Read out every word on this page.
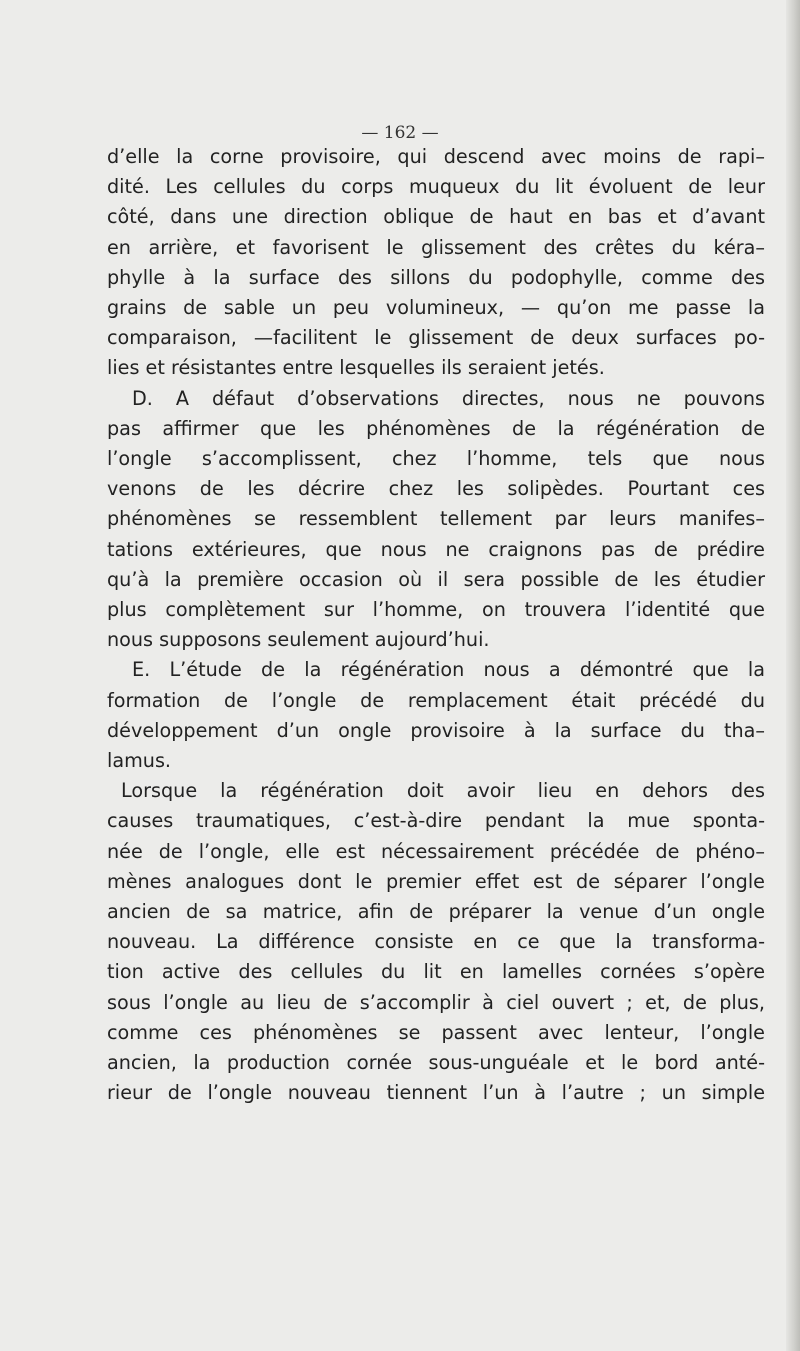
— 162 —
d’elle la corne provisoire, qui descend avec moins de rapi–
dité. Les cellules du corps muqueux du lit évoluent de leur
côté, dans une direction oblique de haut en bas et d’avant
en arrière, et favorisent le glissement des crêtes du kéra–
phylle à la surface des sillons du podophylle, comme des
grains de sable un peu volumineux, — qu’on me passe la
comparaison, —facilitent le glissement de deux surfaces po-
lies et résistantes entre lesquelles ils seraient jetés.
D. A défaut d’observations directes, nous ne pouvons
pas affirmer que les phénomènes de la régénération de
l’ongle s’accomplissent, chez l’homme, tels que nous
venons de les décrire chez les solipèdes. Pourtant ces
phénomènes se ressemblent tellement par leurs manifes–
tations extérieures, que nous ne craignons pas de prédire
qu’à la première occasion où il sera possible de les étudier
plus complètement sur l’homme, on trouvera l’identité que
nous supposons seulement aujourd’hui.
E. L’étude de la régénération nous a démontré que la
formation de l’ongle de remplacement était précédé du
développement d’un ongle provisoire à la surface du tha–
lamus.
Lorsque la régénération doit avoir lieu en dehors des
causes traumatiques, c’est-à-dire pendant la mue sponta-
née de l’ongle, elle est nécessairement précédée de phéno–
mènes analogues dont le premier effet est de séparer l’ongle
ancien de sa matrice, afin de préparer la venue d’un ongle
nouveau. La différence consiste en ce que la transforma-
tion active des cellules du lit en lamelles cornées s’opère
sous l’ongle au lieu de s’accomplir à ciel ouvert ; et, de plus,
comme ces phénomènes se passent avec lenteur, l’ongle
ancien, la production cornée sous-unguéale et le bord anté-
rieur de l’ongle nouveau tiennent l’un à l’autre ; un simple
